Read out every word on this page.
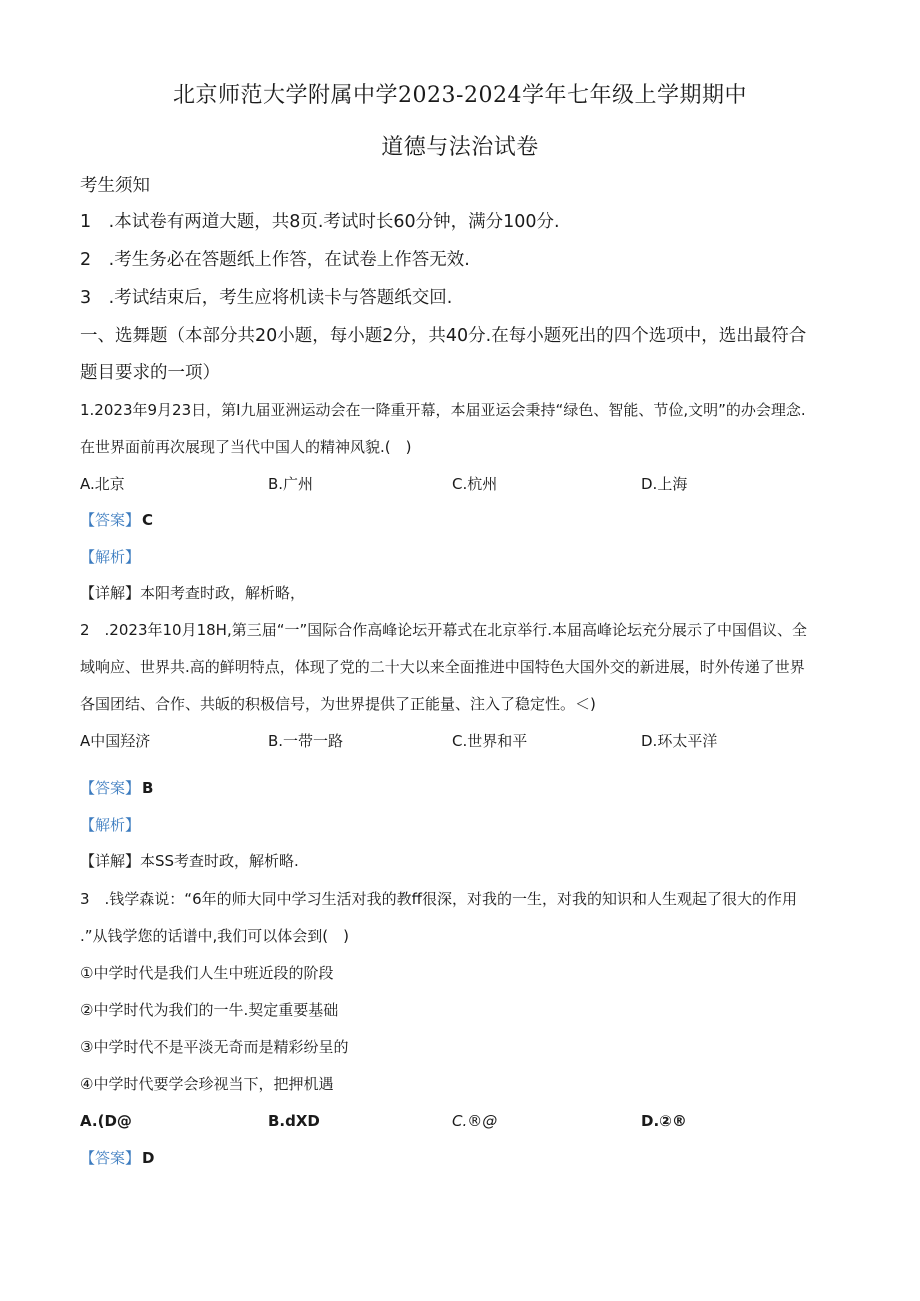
北京师范大学附属中学2023-2024学年七年级上学期期中
道德与法治试卷
考生须知
1　.本试卷有两道大题，共8页.考试时长60分钟，满分100分.
2　.考生务必在答题纸上作答，在试卷上作答无效.
3　.考试结束后，考生应将机读卡与答题纸交回.
一、选舞题（本部分共20小题，每小题2分，共40分.在每小题死出的四个选项中，选出最符合
题目要求的一项）
1.2023年9月23日，第I九届亚洲运动会在一降重开幕，本届亚运会秉持“绿色、智能、节俭,文明”的办会理念.
在世界面前再次展现了当代中国人的精神风貌.(　)
A.北京	B.广州	C.杭州	D.上海
【答案】 C
【解析】
【详解】本阳考查时政，解析略，
2　.2023年10月18H,第三届“一”国际合作高峰论坛开幕式在北京举行.本届高峰论坛充分展示了中国倡议、全
域响应、世界共.高的鲜明特点，体现了党的二十大以来全面推进中国特色大国外交的新进展，时外传递了世界
各国团结、合作、共皈的积极信号，为世界提供了正能量、注入了稳定性。＜)
A中国羟济	B.一带一路	C.世界和平	D.环太平洋
【答案】 B
【解析】
【详解】本SS考查时政，解析略.
3　.钱学森说：“6年的师大同中学习生活对我的教ff很深，对我的一生，对我的知识和人生观起了很大的作用
.”从钱学您的话谱中,我们可以体会到(　)
①中学时代是我们人生中班近段的阶段
②中学时代为我们的一牛.契定重要基础
③中学时代不是平淡无奇而是精彩纷呈的
④中学时代要学会珍视当下，把押机遇
A.(D@	B.dXD	C.®@	D.②®
【答案】 D
